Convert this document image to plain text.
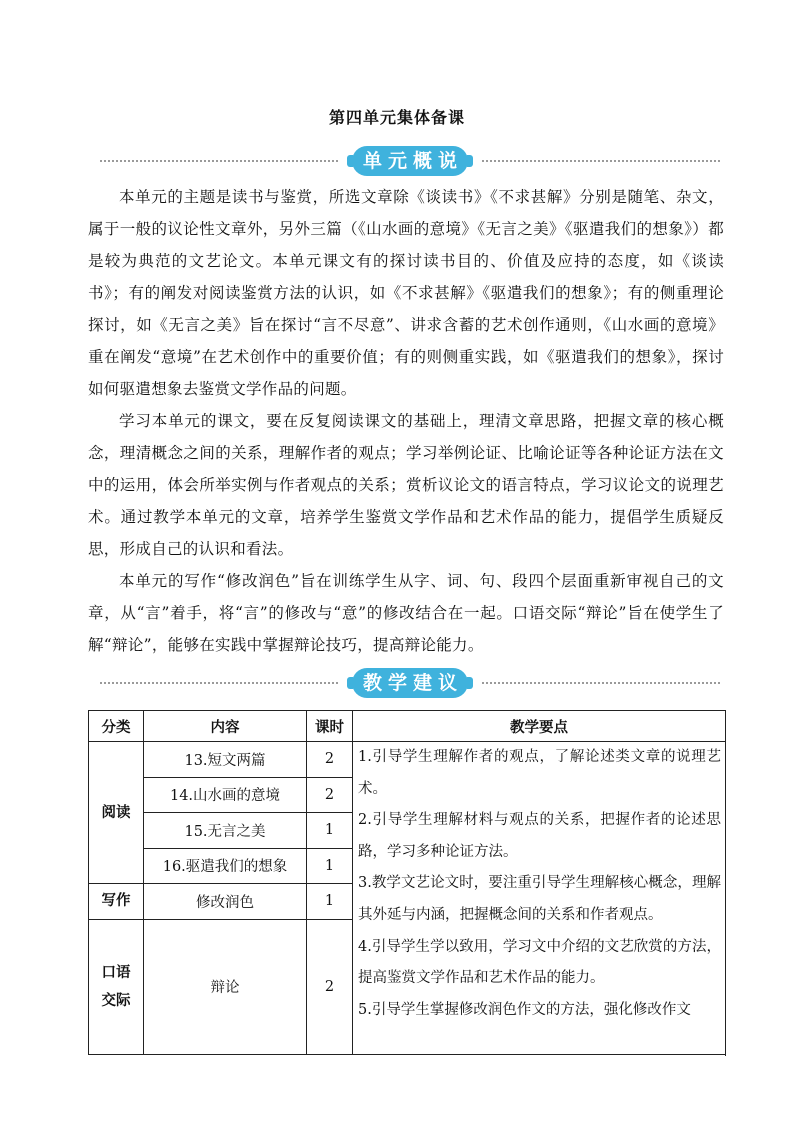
第四单元集体备课
单元概说

本单元的主题是读书与鉴赏，所选文章除《谈读书》《不求甚解》分别是随笔、杂文，属于一般的议论性文章外，另外三篇（《山水画的意境》《无言之美》《驱遣我们的想象》）都是较为典范的文艺论文。本单元课文有的探讨读书目的、价值及应持的态度，如《谈读书》；有的阐发对阅读鉴赏方法的认识，如《不求甚解》《驱遣我们的想象》；有的侧重理论探讨，如《无言之美》旨在探讨“言不尽意”、讲求含蓄的艺术创作通则，《山水画的意境》重在阐发“意境”在艺术创作中的重要价值；有的则侧重实践，如《驱遣我们的想象》，探讨如何驱遣想象去鉴赏文学作品的问题。

学习本单元的课文，要在反复阅读课文的基础上，理清文章思路，把握文章的核心概念，理清概念之间的关系，理解作者的观点；学习举例论证、比喻论证等各种论证方法在文中的运用，体会所举实例与作者观点的关系；赏析议论文的语言特点，学习议论文的说理艺术。通过教学本单元的文章，培养学生鉴赏文学作品和艺术作品的能力，提倡学生质疑反思，形成自己的认识和看法。

本单元的写作“修改润色”旨在训练学生从字、词、句、段四个层面重新审视自己的文章，从“言”着手，将“言”的修改与“意”的修改结合在一起。口语交际“辩论”旨在使学生了解“辩论”，能够在实践中掌握辩论技巧，提高辩论能力。

教学建议
分类	内容	课时	教学要点
阅读	13.短文两篇	2	1.引导学生理解作者的观点，了解论述类文章的说理艺术。
2.引导学生理解材料与观点的关系，把握作者的论述思路，学习多种论证方法。
3.教学文艺论文时，要注重引导学生理解核心概念，理解其外延与内涵，把握概念间的关系和作者观点。
4.引导学生学以致用，学习文中介绍的文艺欣赏的方法，提高鉴赏文学作品和艺术作品的能力。
5.引导学生掌握修改润色作文的方法，强化修改作文

	14.山水画的意境	2	
	15.无言之美	1	
	16.驱遣我们的想象	1	
写作	修改润色	1	

口语
交际	辩论	2	
